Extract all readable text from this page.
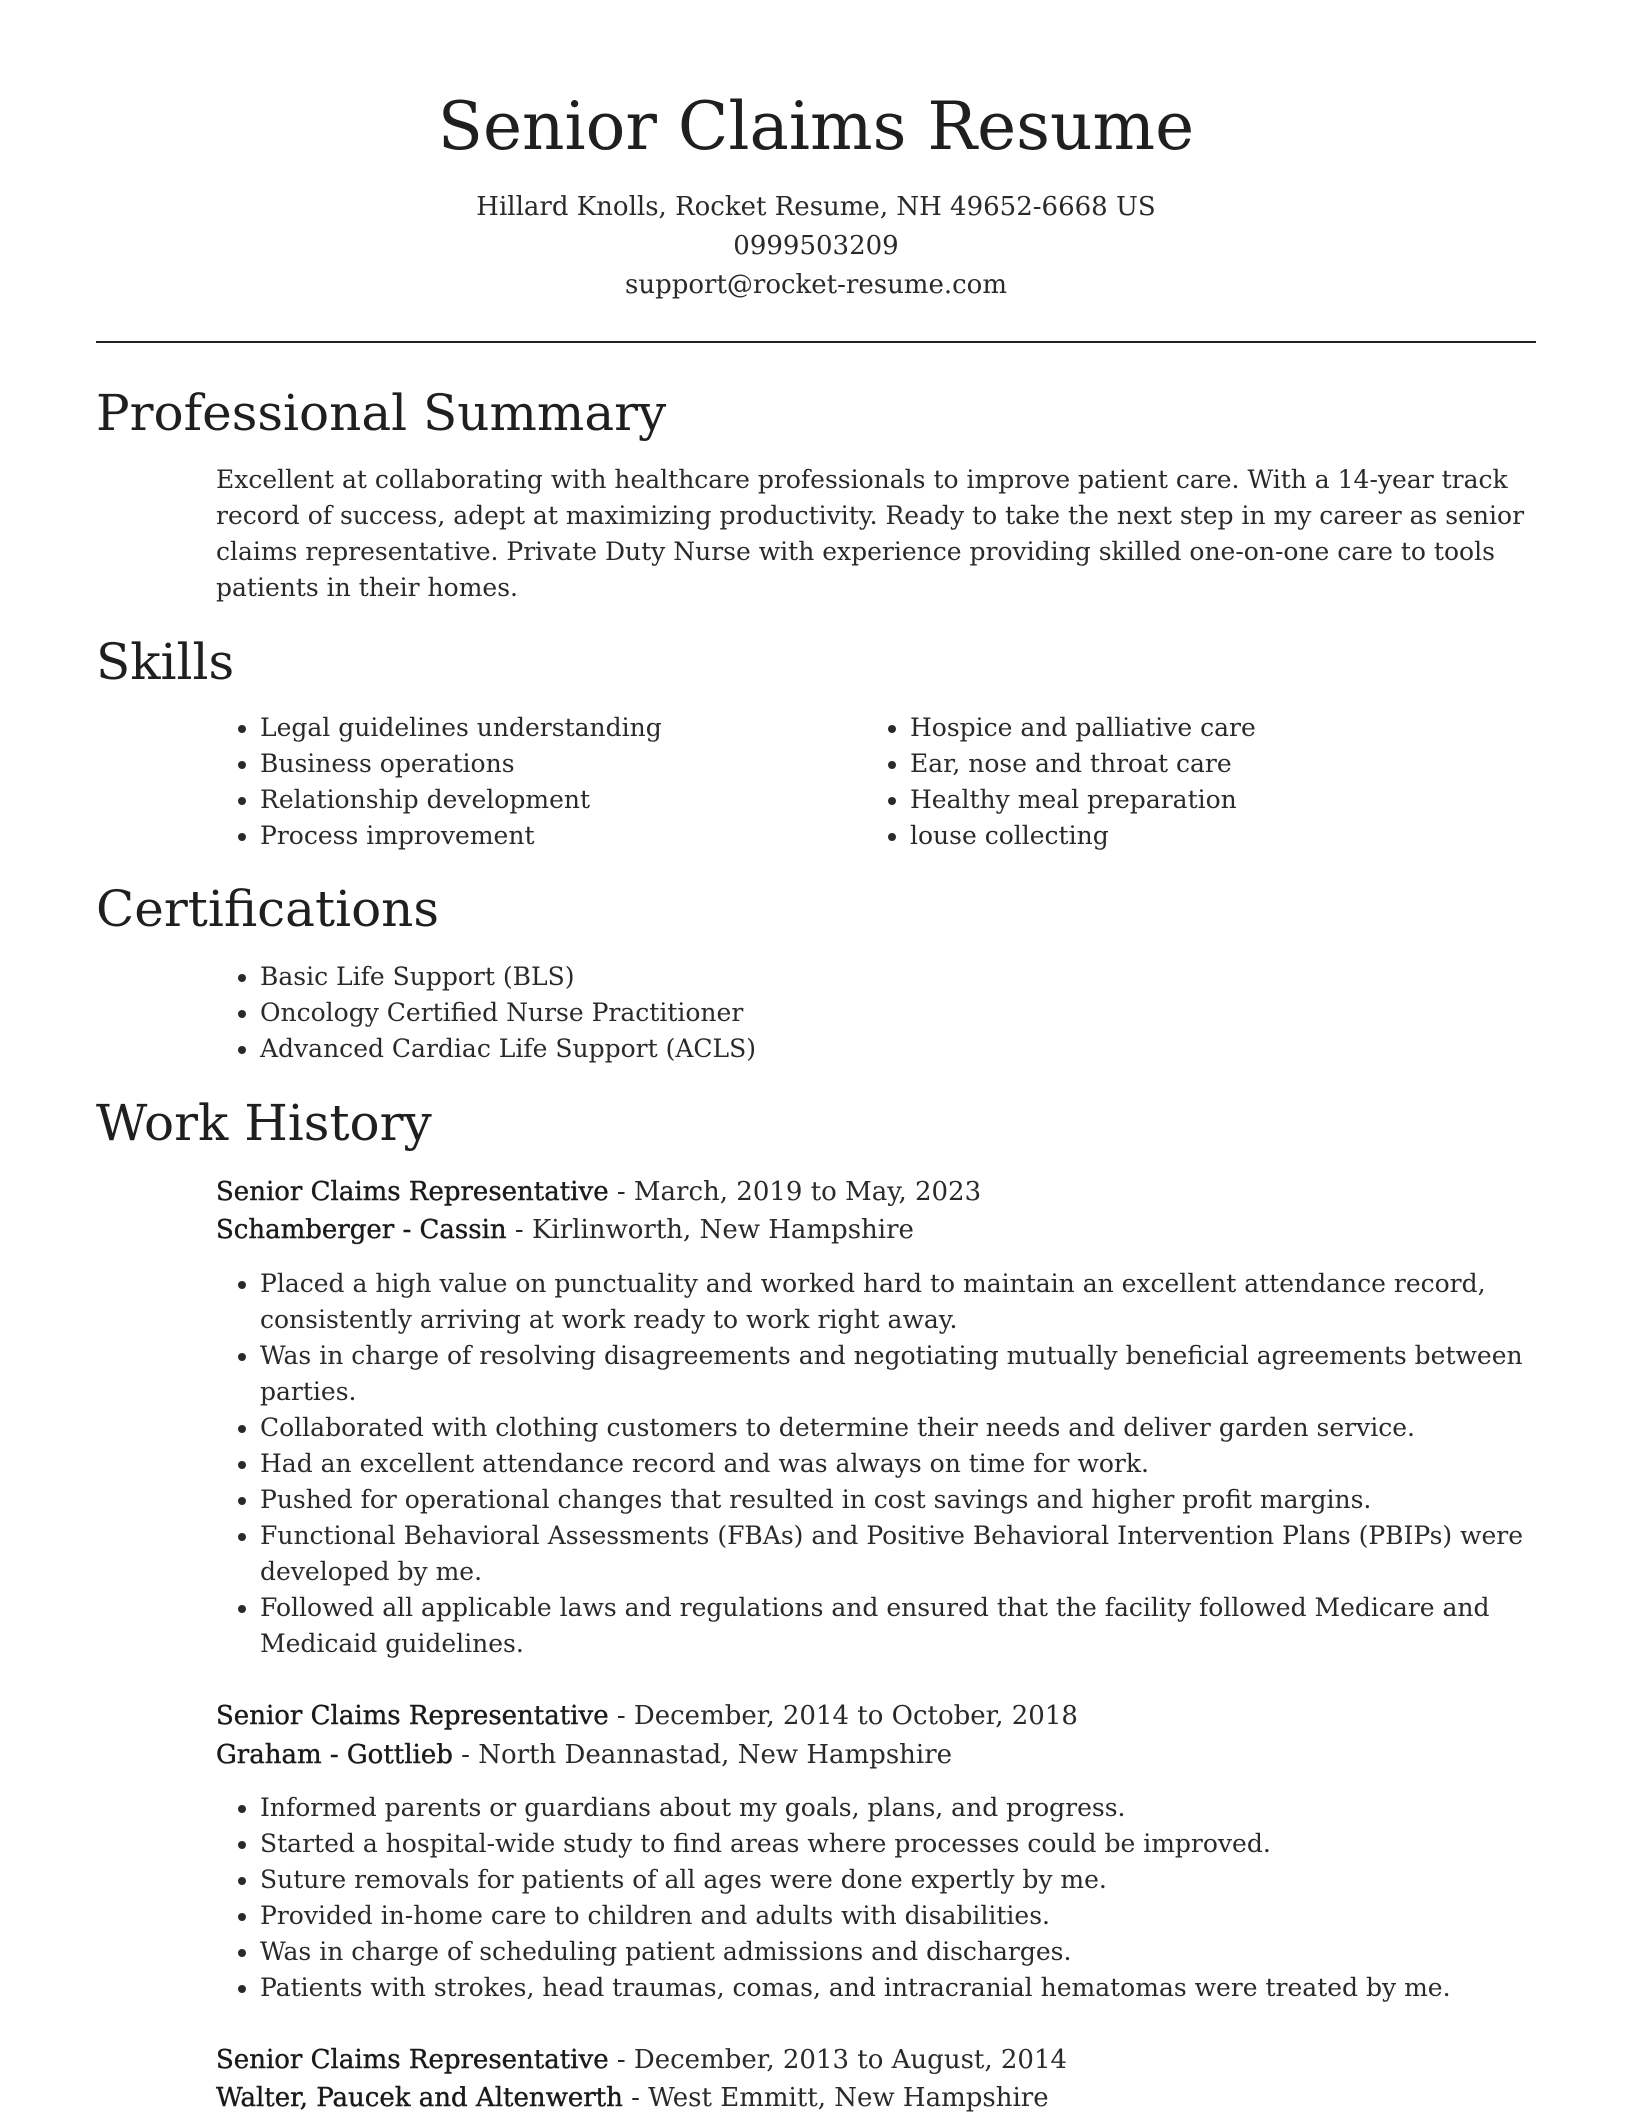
Senior Claims Resume
Hillard Knolls, Rocket Resume, NH 49652-6668 US
0999503209
support@rocket-resume.com
Professional Summary

Excellent at collaborating with healthcare professionals to improve patient care. With a 14-year track record of success, adept at maximizing productivity. Ready to take the next step in my career as senior claims representative. Private Duty Nurse with experience providing skilled one-on-one care to tools patients in their homes.

Skills
• Legal guidelines understanding
• Business operations
• Relationship development
• Process improvement
• Hospice and palliative care
• Ear, nose and throat care
• Healthy meal preparation
• louse collecting
Certifications
• Basic Life Support (BLS)
• Oncology Certified Nurse Practitioner
• Advanced Cardiac Life Support (ACLS)
Work History
Senior Claims Representative - March, 2019 to May, 2023
Schamberger - Cassin - Kirlinworth, New Hampshire
• Placed a high value on punctuality and worked hard to maintain an excellent attendance record, consistently arriving at work ready to work right away.
• Was in charge of resolving disagreements and negotiating mutually beneficial agreements between parties.
• Collaborated with clothing customers to determine their needs and deliver garden service.
• Had an excellent attendance record and was always on time for work.
• Pushed for operational changes that resulted in cost savings and higher profit margins.
• Functional Behavioral Assessments (FBAs) and Positive Behavioral Intervention Plans (PBIPs) were developed by me.
• Followed all applicable laws and regulations and ensured that the facility followed Medicare and Medicaid guidelines.
Senior Claims Representative - December, 2014 to October, 2018
Graham - Gottlieb - North Deannastad, New Hampshire
• Informed parents or guardians about my goals, plans, and progress.
• Started a hospital-wide study to find areas where processes could be improved.
• Suture removals for patients of all ages were done expertly by me.
• Provided in-home care to children and adults with disabilities.
• Was in charge of scheduling patient admissions and discharges.
• Patients with strokes, head traumas, comas, and intracranial hematomas were treated by me.
Senior Claims Representative - December, 2013 to August, 2014
Walter, Paucek and Altenwerth - West Emmitt, New Hampshire
